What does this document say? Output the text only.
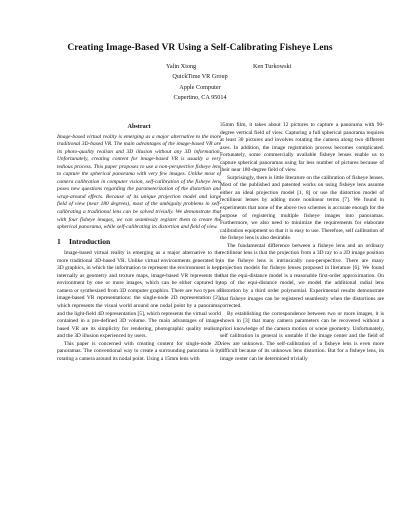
Creating Image-Based VR Using a Self-Calibrating Fisheye Lens
Yalin Xiong	Ken Turkowski
QuickTime VR Group
Apple Computer
Cupertino, CA 95014
Abstract
Image-based virtual reality is emerging as a major alternative to the more traditional 3D-based VR. The main advantages of the image-based VR are its photo-quality realism and 3D illusion without any 3D information. Unfortunately, creating content for image-based VR is usually a very tedious process. This paper proposes to use a non-perspective fisheye lens to capture the spherical panorama with very few images. Unlike most of camera calibration in computer vision, self-calibration of the fisheye lens poses new questions regarding the parameterization of the distortion and wrap-around effects. Because of its unique projection model and large field of view (near 180 degrees), most of the ambiguity problems in self-calibrating a traditional lens can be solved trivially. We demonstrate that with four fisheye images, we can seamlessly register them to create the spherical panorama, while self-calibrating its distortion and field of view.
1 Introduction
Image-based virtual reality is emerging as a major alternative to the more traditional 3D-based VR. Unlike virtual environments generated by 3D graphics, in which the information to represent the environment is kept internally as geometry and texture maps, image-based VR represents the environment by one or more images, which can be either captured by camera or synthesized from 3D computer graphics. There are two types of image-based VR representations: the single-node 2D representation [2], which represents the visual world around one nodal point by a panorama, and the light-field 4D representation [5], which represents the virtual world contained in a pre-defined 3D volume. The main advantages of image-based VR are its simplicity for rendering, photographic quality realism, and the 3D illusion experienced by users.
This paper is concerned with creating content for single-node 2D panoramas. The conventional way to create a surrounding panorama is by rotating a camera around its nodal point. Using a 15mm lens with
35mm film, it takes about 12 pictures to capture a panorama with 90-degree vertical field of view. Capturing a full spherical panorama requires at least 30 pictures and involves rotating the camera along two different axes. In addition, the image registration process becomes complicated. Fortunately, some commercially available fisheye lenses enable us to capture spherical panoramas using far less number of pictures because of their near 180-degree field of view.
Surprisingly, there is little literature on the calibration of fisheye lenses. Most of the published and patented works on using fisheye lens assume either an ideal projection model [1, 8] or use the distortion model of rectilinear lenses by adding more nonlinear terms [7]. We found in experiments that none of the above two schemes is accurate enough for the purpose of registering multiple fisheye images into panoramas. Furthermore, we also need to minimize the requirements for elaborate calibration equipment so that it is easy to use. Therefore, self calibration of the fisheye lens is also desirable.
The fundamental difference between a fisheye lens and an ordinary rectilinear lens is that the projection from a 3D ray to a 2D image position in the fisheye lens is intrinsically non-perspective. There are many projection models for fisheye lenses proposed in literature [6]. We found that the equi-distance model is a reasonable first-order approximation. On top of the equi-distance model, we model the additional radial lens distortion by a third order polynomial. Experimental results demonstrate that fisheye images can be registered seamlessly when the distortions are corrected.
By establishing the correspondence between two or more images, it is shown in [3] that many camera parameters can be recovered without a priori knowledge of the camera motion or scene geometry. Unfortunately, self calibration in general is unstable if the image center and the field of view are unknown. The self-calibration of a fisheye lens is even more difficult because of its unknown lens distortion. But for a fisheye lens, its image center can be determined trivially
